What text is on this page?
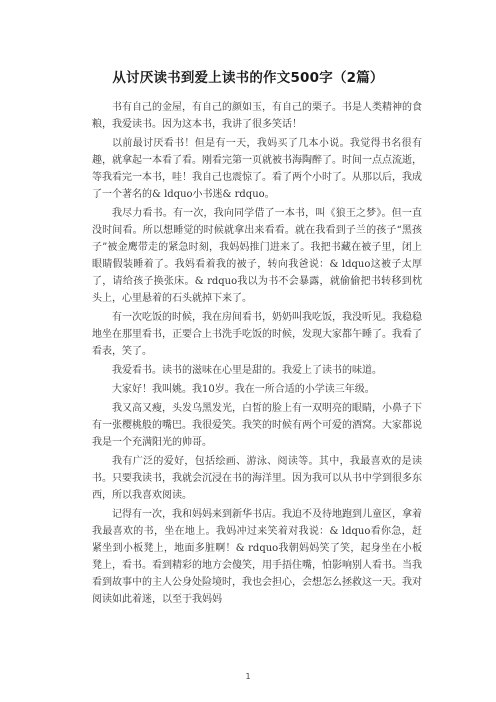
从讨厌读书到爱上读书的作文500字（2篇）

书有自己的金屋，有自己的颜如玉，有自己的栗子。书是人类精神的食粮，我爱读书。因为这本书，我讲了很多笑话！

以前最讨厌看书！但是有一天，我妈买了几本小说。我觉得书名很有趣，就拿起一本看了看。刚看完第一页就被书海陶醉了。时间一点点流逝，等我看完一本书，哇！我自己也震惊了。看了两个小时了。从那以后，我成了一个著名的& ldquo小书迷& rdquo。

我尽力看书。有一次，我向同学借了一本书，叫《狼王之梦》。但一直没时间看。所以想睡觉的时候就拿出来看看。就在我看到子兰的孩子“黑孩子”被金鹰带走的紧急时刻，我妈妈推门进来了。我把书藏在被子里，闭上眼睛假装睡着了。我妈看着我的被子，转向我爸说：& ldquo这被子太厚了，请给孩子换张床。& rdquo我以为书不会暴露，就偷偷把书转移到枕头上，心里悬着的石头就掉下来了。

有一次吃饭的时候，我在房间看书，奶奶叫我吃饭，我没听见。我稳稳地坐在那里看书，正要合上书洗手吃饭的时候，发现大家都午睡了。我看了看表，笑了。

我爱看书。读书的滋味在心里是甜的。我爱上了读书的味道。

大家好！我叫姚。我10岁。我在一所合适的小学读三年级。

我又高又瘦，头发乌黑发光，白皙的脸上有一双明亮的眼睛，小鼻子下有一张樱桃般的嘴巴。我很爱笑。我笑的时候有两个可爱的酒窝。大家都说我是一个充满阳光的帅哥。

我有广泛的爱好，包括绘画、游泳、阅读等。其中，我最喜欢的是读书。只要我读书，我就会沉浸在书的海洋里。因为我可以从书中学到很多东西，所以我喜欢阅读。

记得有一次，我和妈妈来到新华书店。我迫不及待地跑到儿童区，拿着我最喜欢的书，坐在地上。我妈冲过来笑着对我说：& ldquo看你急，赶紧坐到小板凳上，地面多脏啊！& rdquo我朝妈妈笑了笑，起身坐在小板凳上，看书。看到精彩的地方会傻笑，用手捂住嘴，怕影响别人看书。当我看到故事中的主人公身处险境时，我也会担心，会想怎么拯救这一天。我对阅读如此着迷，以至于我妈妈

1
